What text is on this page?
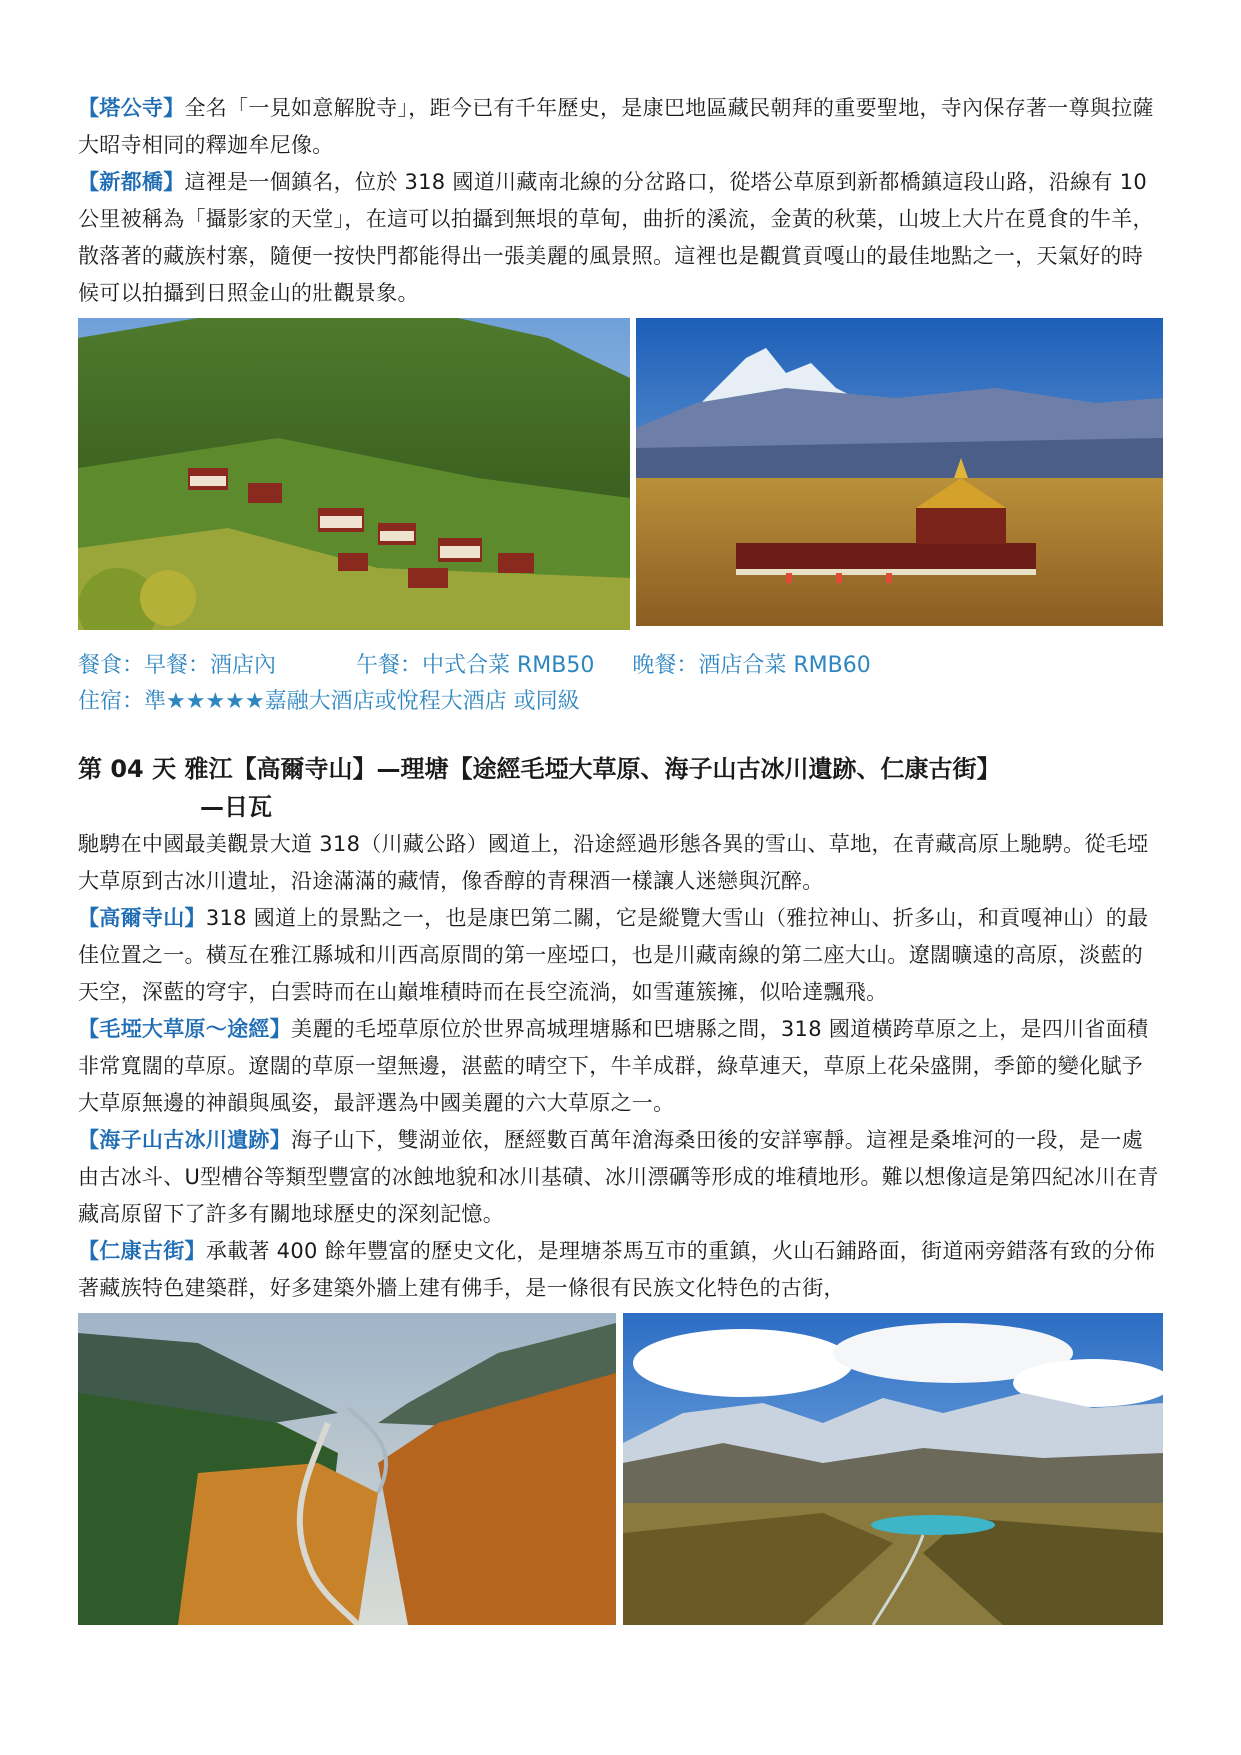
【塔公寺】全名「一見如意解脫寺」，距今已有千年歷史，是康巴地區藏民朝拜的重要聖地，寺內保存著一尊與拉薩大昭寺相同的釋迦牟尼像。

【新都橋】這裡是一個鎮名，位於 318 國道川藏南北線的分岔路口，從塔公草原到新都橋鎮這段山路，沿線有 10 公里被稱為「攝影家的天堂」，在這可以拍攝到無垠的草甸，曲折的溪流，金黃的秋葉，山坡上大片在覓食的牛羊，散落著的藏族村寨，隨便一按快門都能得出一張美麗的風景照。這裡也是觀賞貢嘎山的最佳地點之一，天氣好的時候可以拍攝到日照金山的壯觀景象。

餐食：早餐：酒店內	午餐：中式合菜 RMB50 晚餐：酒店合菜 RMB60

住宿：準★★★★★嘉融大酒店或悅程大酒店 或同級

第 04 天 雅江【高爾寺山】—理塘【途經毛埡大草原、海子山古冰川遺跡、仁康古街】
—日瓦

馳騁在中國最美觀景大道 318（川藏公路）國道上，沿途經過形態各異的雪山、草地，在青藏高原上馳騁。從毛埡大草原到古冰川遺址，沿途滿滿的藏情，像香醇的青稞酒一樣讓人迷戀與沉醉。

【高爾寺山】318 國道上的景點之一，也是康巴第二關，它是縱覽大雪山（雅拉神山、折多山，和貢嘎神山）的最佳位置之一。橫亙在雅江縣城和川西高原間的第一座埡口，也是川藏南線的第二座大山。遼闊曠遠的高原，淡藍的天空，深藍的穹宇，白雲時而在山巔堆積時而在長空流淌，如雪蓮簇擁，似哈達飄飛。

【毛埡大草原～途經】美麗的毛埡草原位於世界高城理塘縣和巴塘縣之間，318 國道橫跨草原之上，是四川省面積非常寬闊的草原。遼闊的草原一望無邊，湛藍的晴空下，牛羊成群，綠草連天，草原上花朵盛開，季節的變化賦予大草原無邊的神韻與風姿，最評選為中國美麗的六大草原之一。

【海子山古冰川遺跡】海子山下，雙湖並依，歷經數百萬年滄海桑田後的安詳寧靜。這裡是桑堆河的一段，是一處由古冰斗、U型槽谷等類型豐富的冰蝕地貌和冰川基磧、冰川漂礪等形成的堆積地形。難以想像這是第四紀冰川在青藏高原留下了許多有關地球歷史的深刻記憶。

【仁康古街】承載著 400 餘年豐富的歷史文化，是理塘茶馬互市的重鎮，火山石鋪路面，街道兩旁錯落有致的分佈著藏族特色建築群，好多建築外牆上建有佛手，是一條很有民族文化特色的古街，
